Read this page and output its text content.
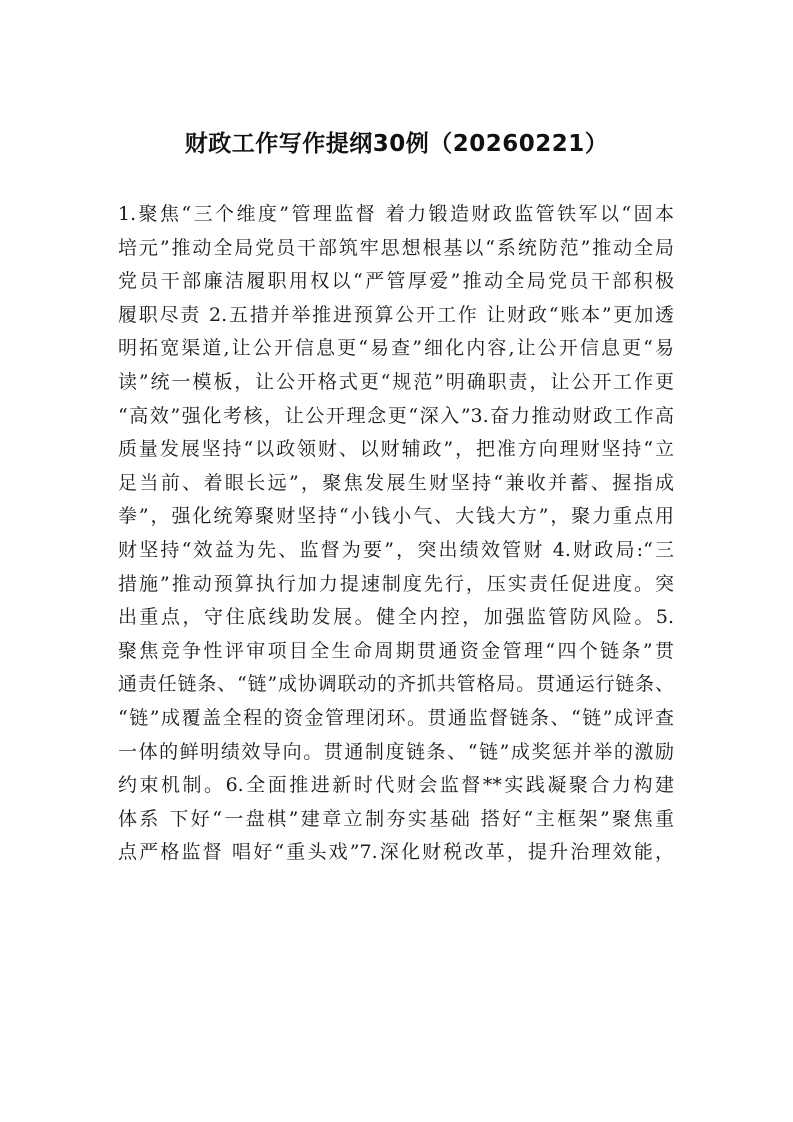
财政工作写作提纲30例（20260221）
1.聚焦“三个维度”管理监督 着力锻造财政监管铁军以“固本
培元”推动全局党员干部筑牢思想根基以“系统防范”推动全局
党员干部廉洁履职用权以“严管厚爱”推动全局党员干部积极
履职尽责 2.五措并举推进预算公开工作 让财政“账本”更加透
明拓宽渠道,让公开信息更“易查”细化内容,让公开信息更“易
读”统一模板，让公开格式更“规范”明确职责，让公开工作更
“高效”强化考核，让公开理念更“深入”3.奋力推动财政工作高
质量发展坚持“以政领财、以财辅政”，把准方向理财坚持“立
足当前、着眼长远”，聚焦发展生财坚持“兼收并蓄、握指成
拳”，强化统筹聚财坚持“小钱小气、大钱大方”，聚力重点用
财坚持“效益为先、监督为要”，突出绩效管财 4.财政局:“三
措施”推动预算执行加力提速制度先行，压实责任促进度。突
出重点，守住底线助发展。健全内控，加强监管防风险。5.
聚焦竞争性评审项目全生命周期贯通资金管理“四个链条”贯
通责任链条、“链”成协调联动的齐抓共管格局。贯通运行链条、
“链”成覆盖全程的资金管理闭环。贯通监督链条、“链”成评查
一体的鲜明绩效导向。贯通制度链条、“链”成奖惩并举的激励
约束机制。6.全面推进新时代财会监督**实践凝聚合力构建
体系 下好“一盘棋”建章立制夯实基础 搭好“主框架”聚焦重
点严格监督 唱好“重头戏”7.深化财税改革，提升治理效能，
